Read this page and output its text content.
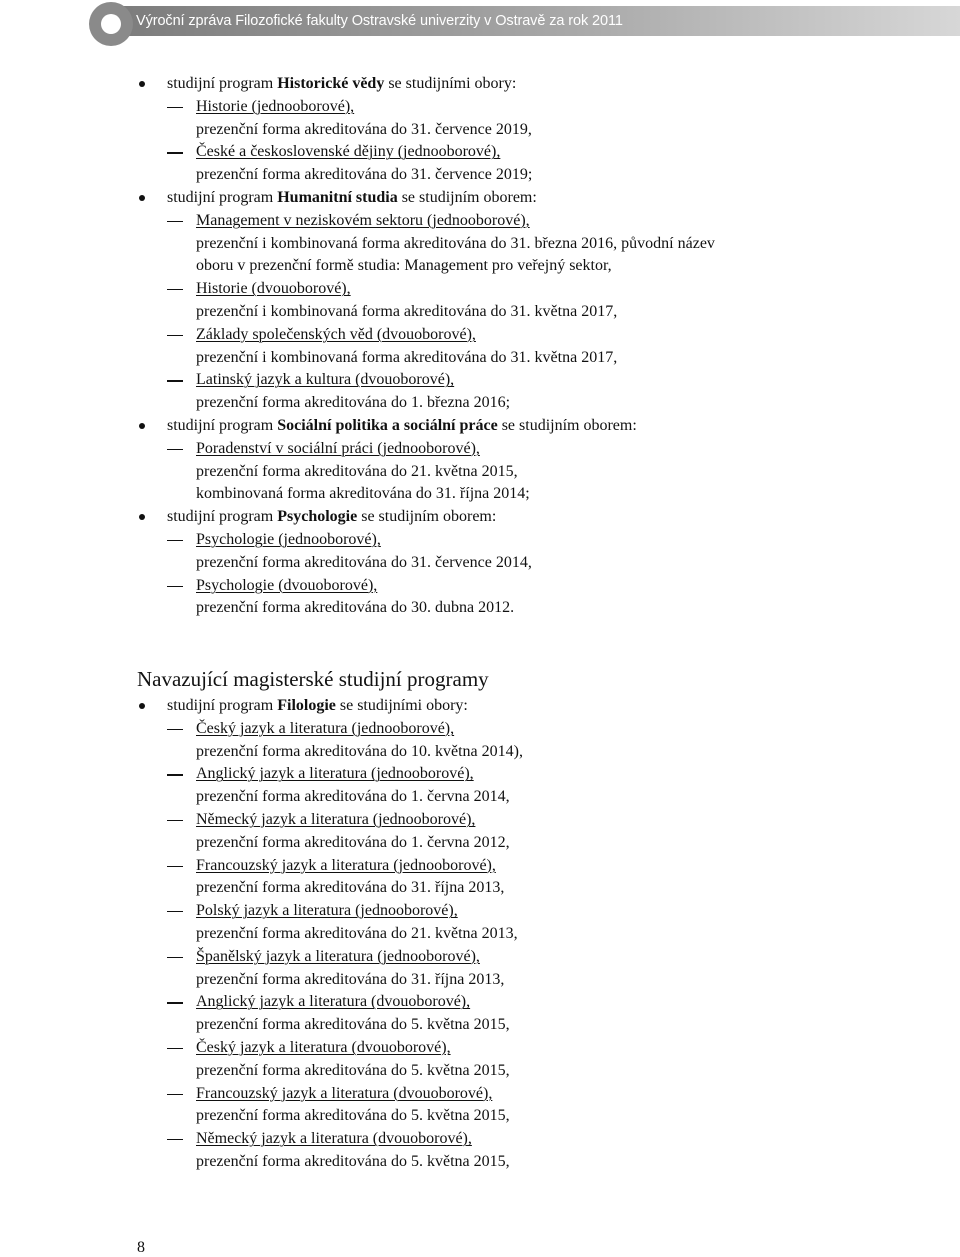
Výroční zpráva Filozofické fakulty Ostravské univerzity v Ostravě za rok 2011
studijní program Historické vědy se studijními obory:
Historie (jednooborové),
prezenční forma akreditována do 31. července 2019,
České a československé dějiny (jednooborové),
prezenční forma akreditována do 31. července 2019;
studijní program Humanitní studia se studijním oborem:
Management v neziskovém sektoru (jednooborové),
prezenční i kombinovaná forma akreditována do 31. března 2016, původní název
oboru v prezenční formě studia: Management pro veřejný sektor,
Historie (dvouoborové),
prezenční i kombinovaná forma akreditována do 31. května 2017,
Základy společenských věd (dvouoborové),
prezenční i kombinovaná forma akreditována do 31. května 2017,
Latinský jazyk a kultura (dvouoborové),
prezenční forma akreditována do 1. března 2016;
studijní program Sociální politika a sociální práce se studijním oborem:
Poradenství v sociální práci (jednooborové),
prezenční forma akreditována do 21. května 2015,
kombinovaná forma akreditována do 31. října 2014;
studijní program Psychologie se studijním oborem:
Psychologie (jednooborové),
prezenční forma akreditována do 31. července 2014,
Psychologie (dvouoborové),
prezenční forma akreditována do 30. dubna 2012.
Navazující magisterské studijní programy
studijní program Filologie se studijními obory:
Český jazyk a literatura (jednooborové),
prezenční forma akreditována do 10. května 2014),
Anglický jazyk a literatura (jednooborové),
prezenční forma akreditována do 1. června 2014,
Německý jazyk a literatura (jednooborové),
prezenční forma akreditována do 1. června 2012,
Francouzský jazyk a literatura (jednooborové),
prezenční forma akreditována do 31. října 2013,
Polský jazyk a literatura (jednooborové),
prezenční forma akreditována do 21. května 2013,
Španělský jazyk a literatura (jednooborové),
prezenční forma akreditována do 31. října 2013,
Anglický jazyk a literatura (dvouoborové),
prezenční forma akreditována do 5. května 2015,
Český jazyk a literatura (dvouoborové),
prezenční forma akreditována do 5. května 2015,
Francouzský jazyk a literatura (dvouoborové),
prezenční forma akreditována do 5. května 2015,
Německý jazyk a literatura (dvouoborové),
prezenční forma akreditována do 5. května 2015,
8
